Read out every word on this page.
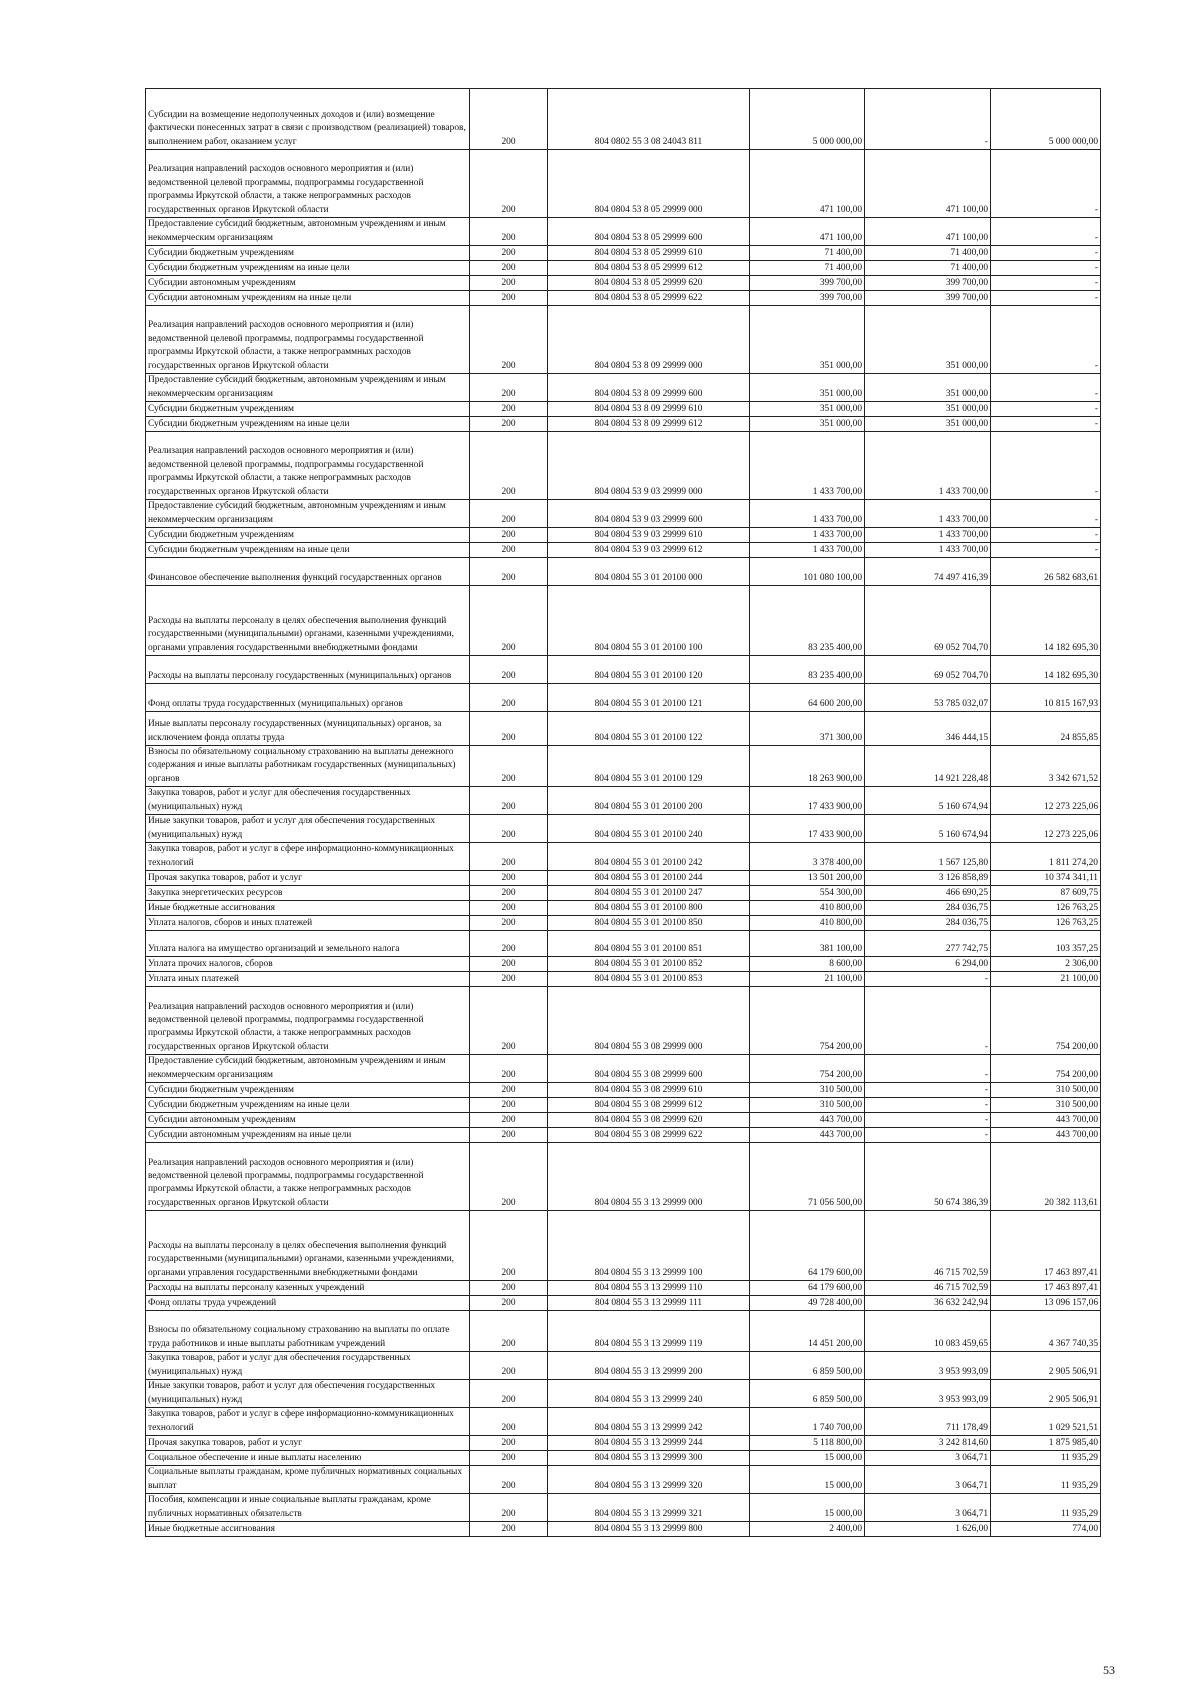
Субсидии на возмещение недополученных доходов и (или) возмещение фактически понесенных затрат в связи с производством (реализацией) товаров, выполнением работ, оказанием услуг	200	804 0802 55 3 08 24043 811	5 000 000,00	-	5 000 000,00
Реализация направлений расходов основного мероприятия и (или) ведомственной целевой программы, подпрограммы государственной программы Иркутской области, а также непрограммных расходов государственных органов Иркутской области	200	804 0804 53 8 05 29999 000	471 100,00	471 100,00	-
Предоставление субсидий бюджетным, автономным учреждениям и иным некоммерческим организациям	200	804 0804 53 8 05 29999 600	471 100,00	471 100,00	-
Субсидии бюджетным учреждениям	200	804 0804 53 8 05 29999 610	71 400,00	71 400,00	-
Субсидии бюджетным учреждениям на иные цели	200	804 0804 53 8 05 29999 612	71 400,00	71 400,00	-
Субсидии автономным учреждениям	200	804 0804 53 8 05 29999 620	399 700,00	399 700,00	-
Субсидии автономным учреждениям на иные цели	200	804 0804 53 8 05 29999 622	399 700,00	399 700,00	-
Реализация направлений расходов основного мероприятия и (или) ведомственной целевой программы, подпрограммы государственной программы Иркутской области, а также непрограммных расходов государственных органов Иркутской области	200	804 0804 53 8 09 29999 000	351 000,00	351 000,00	-
Предоставление субсидий бюджетным, автономным учреждениям и иным некоммерческим организациям	200	804 0804 53 8 09 29999 600	351 000,00	351 000,00	-
Субсидии бюджетным учреждениям	200	804 0804 53 8 09 29999 610	351 000,00	351 000,00	-
Субсидии бюджетным учреждениям на иные цели	200	804 0804 53 8 09 29999 612	351 000,00	351 000,00	-
Реализация направлений расходов основного мероприятия и (или) ведомственной целевой программы, подпрограммы государственной программы Иркутской области, а также непрограммных расходов государственных органов Иркутской области	200	804 0804 53 9 03 29999 000	1 433 700,00	1 433 700,00	-
Предоставление субсидий бюджетным, автономным учреждениям и иным некоммерческим организациям	200	804 0804 53 9 03 29999 600	1 433 700,00	1 433 700,00	-
Субсидии бюджетным учреждениям	200	804 0804 53 9 03 29999 610	1 433 700,00	1 433 700,00	-
Субсидии бюджетным учреждениям на иные цели	200	804 0804 53 9 03 29999 612	1 433 700,00	1 433 700,00	-
Финансовое обеспечение выполнения функций государственных органов	200	804 0804 55 3 01 20100 000	101 080 100,00	74 497 416,39	26 582 683,61
Расходы на выплаты персоналу в целях обеспечения выполнения функций государственными (муниципальными) органами, казенными учреждениями, органами управления государственными внебюджетными фондами	200	804 0804 55 3 01 20100 100	83 235 400,00	69 052 704,70	14 182 695,30
Расходы на выплаты персоналу государственных (муниципальных) органов	200	804 0804 55 3 01 20100 120	83 235 400,00	69 052 704,70	14 182 695,30
Фонд оплаты труда государственных (муниципальных) органов	200	804 0804 55 3 01 20100 121	64 600 200,00	53 785 032,07	10 815 167,93
Иные выплаты персоналу государственных (муниципальных) органов, за исключением фонда оплаты труда	200	804 0804 55 3 01 20100 122	371 300,00	346 444,15	24 855,85
Взносы по обязательному социальному страхованию на выплаты денежного содержания и иные выплаты работникам государственных (муниципальных) органов	200	804 0804 55 3 01 20100 129	18 263 900,00	14 921 228,48	3 342 671,52
Закупка товаров, работ и услуг для обеспечения государственных (муниципальных) нужд	200	804 0804 55 3 01 20100 200	17 433 900,00	5 160 674,94	12 273 225,06
Иные закупки товаров, работ и услуг для обеспечения государственных (муниципальных) нужд	200	804 0804 55 3 01 20100 240	17 433 900,00	5 160 674,94	12 273 225,06
Закупка товаров, работ и услуг в сфере информационно-коммуникационных технологий	200	804 0804 55 3 01 20100 242	3 378 400,00	1 567 125,80	1 811 274,20
Прочая закупка товаров, работ и услуг	200	804 0804 55 3 01 20100 244	13 501 200,00	3 126 858,89	10 374 341,11
Закупка энергетических ресурсов	200	804 0804 55 3 01 20100 247	554 300,00	466 690,25	87 609,75
Иные бюджетные ассигнования	200	804 0804 55 3 01 20100 800	410 800,00	284 036,75	126 763,25
Уплата налогов, сборов и иных платежей	200	804 0804 55 3 01 20100 850	410 800,00	284 036,75	126 763,25
Уплата налога на имущество организаций и земельного налога	200	804 0804 55 3 01 20100 851	381 100,00	277 742,75	103 357,25
Уплата прочих налогов, сборов	200	804 0804 55 3 01 20100 852	8 600,00	6 294,00	2 306,00
Уплата иных платежей	200	804 0804 55 3 01 20100 853	21 100,00	-	21 100,00
Реализация направлений расходов основного мероприятия и (или) ведомственной целевой программы, подпрограммы государственной программы Иркутской области, а также непрограммных расходов государственных органов Иркутской области	200	804 0804 55 3 08 29999 000	754 200,00	-	754 200,00
Предоставление субсидий бюджетным, автономным учреждениям и иным некоммерческим организациям	200	804 0804 55 3 08 29999 600	754 200,00	-	754 200,00
Субсидии бюджетным учреждениям	200	804 0804 55 3 08 29999 610	310 500,00	-	310 500,00
Субсидии бюджетным учреждениям на иные цели	200	804 0804 55 3 08 29999 612	310 500,00	-	310 500,00
Субсидии автономным учреждениям	200	804 0804 55 3 08 29999 620	443 700,00	-	443 700,00
Субсидии автономным учреждениям на иные цели	200	804 0804 55 3 08 29999 622	443 700,00	-	443 700,00
Реализация направлений расходов основного мероприятия и (или) ведомственной целевой программы, подпрограммы государственной программы Иркутской области, а также непрограммных расходов государственных органов Иркутской области	200	804 0804 55 3 13 29999 000	71 056 500,00	50 674 386,39	20 382 113,61
Расходы на выплаты персоналу в целях обеспечения выполнения функций государственными (муниципальными) органами, казенными учреждениями, органами управления государственными внебюджетными фондами	200	804 0804 55 3 13 29999 100	64 179 600,00	46 715 702,59	17 463 897,41
Расходы на выплаты персоналу казенных учреждений	200	804 0804 55 3 13 29999 110	64 179 600,00	46 715 702,59	17 463 897,41
Фонд оплаты труда учреждений	200	804 0804 55 3 13 29999 111	49 728 400,00	36 632 242,94	13 096 157,06
Взносы по обязательному социальному страхованию на выплаты по оплате труда работников и иные выплаты работникам учреждений	200	804 0804 55 3 13 29999 119	14 451 200,00	10 083 459,65	4 367 740,35
Закупка товаров, работ и услуг для обеспечения государственных (муниципальных) нужд	200	804 0804 55 3 13 29999 200	6 859 500,00	3 953 993,09	2 905 506,91
Иные закупки товаров, работ и услуг для обеспечения государственных (муниципальных) нужд	200	804 0804 55 3 13 29999 240	6 859 500,00	3 953 993,09	2 905 506,91
Закупка товаров, работ и услуг в сфере информационно-коммуникационных технологий	200	804 0804 55 3 13 29999 242	1 740 700,00	711 178,49	1 029 521,51
Прочая закупка товаров, работ и услуг	200	804 0804 55 3 13 29999 244	5 118 800,00	3 242 814,60	1 875 985,40
Социальное обеспечение и иные выплаты населению	200	804 0804 55 3 13 29999 300	15 000,00	3 064,71	11 935,29
Социальные выплаты гражданам, кроме публичных нормативных социальных выплат	200	804 0804 55 3 13 29999 320	15 000,00	3 064,71	11 935,29
Пособия, компенсации и иные социальные выплаты гражданам, кроме публичных нормативных обязательств	200	804 0804 55 3 13 29999 321	15 000,00	3 064,71	11 935,29
Иные бюджетные ассигнования	200	804 0804 55 3 13 29999 800	2 400,00	1 626,00	774,00
53
